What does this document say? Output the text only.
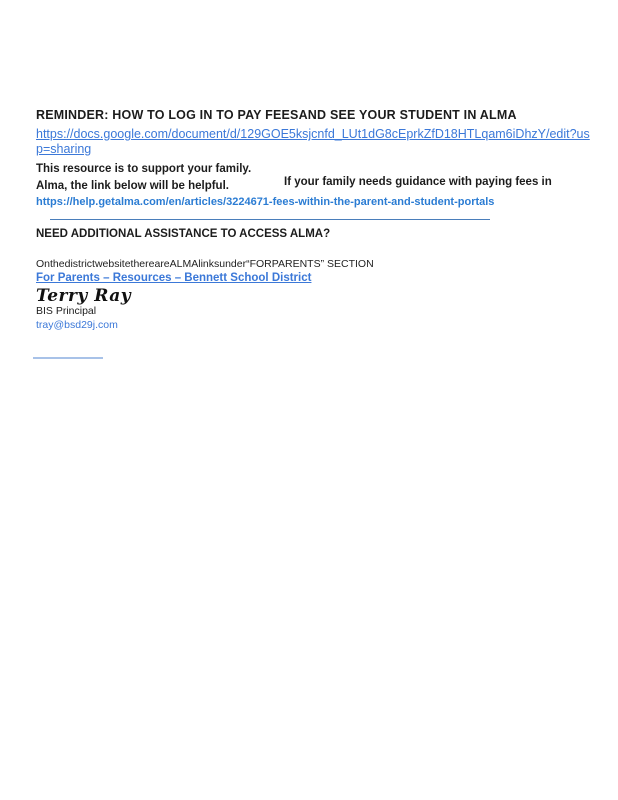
REMINDER: HOW TO LOG IN TO PAY FEESAND SEE YOUR STUDENT IN ALMA
https://docs.google.com/document/d/129GOE5ksjcnfd_LUt1dG8cEprkZfD18HTLqam6iDhzY/edit?usp=sharing
This resource is to support your family.
Alma, the link below will be helpful.	If your family needs guidance with paying fees in
https://help.getalma.com/en/articles/3224671-fees-within-the-parent-and-student-portals
NEED ADDITIONAL ASSISTANCE TO ACCESS ALMA?
OnthedistrictwebsitethereareALMAlinksunder“FORPARENTS” SECTION
For Parents – Resources – Bennett School District
Terry Ray
BIS Principal
tray@bsd29j.com
